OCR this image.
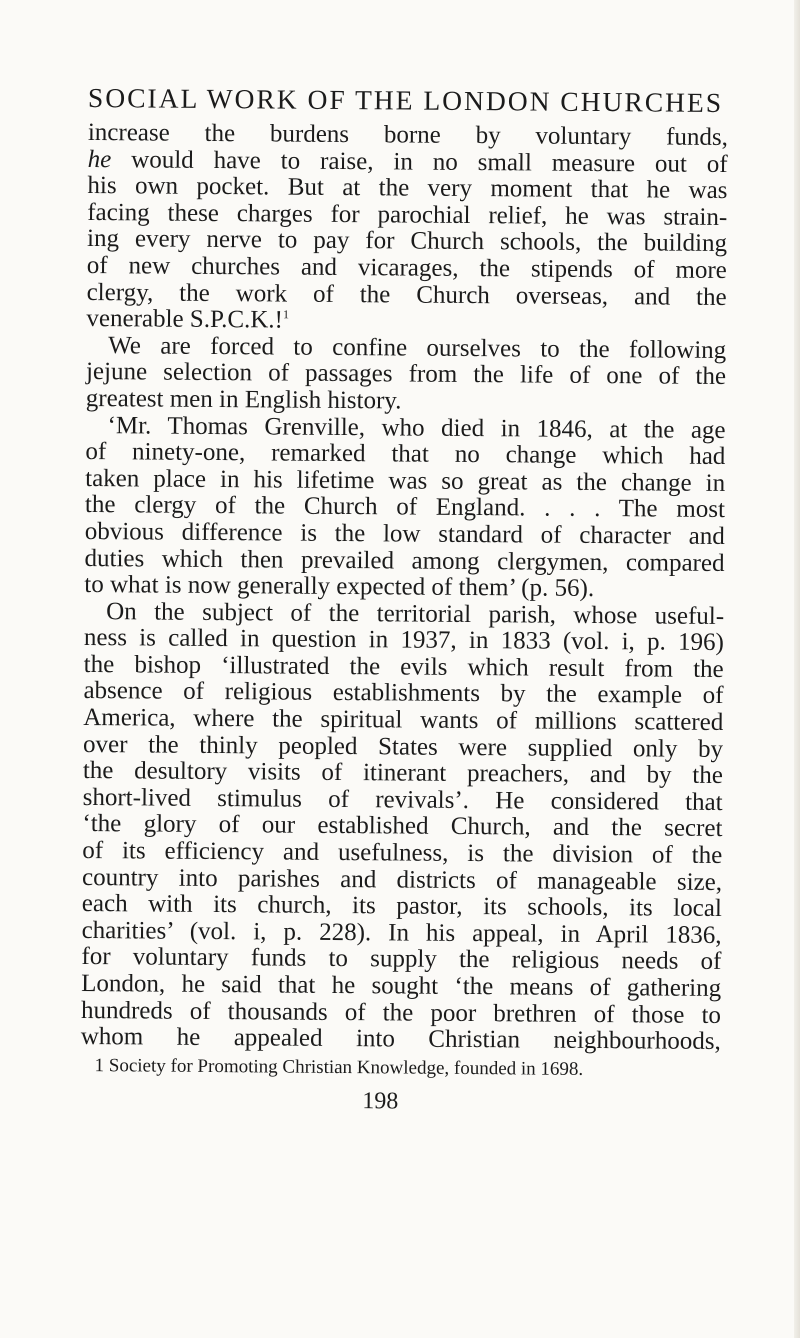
SOCIAL WORK OF THE LONDON CHURCHES
increase the burdens borne by voluntary funds,
he would have to raise, in no small measure out of
his own pocket. But at the very moment that he was
facing these charges for parochial relief, he was strain-
ing every nerve to pay for Church schools, the building
of new churches and vicarages, the stipends of more
clergy, the work of the Church overseas, and the
venerable S.P.C.K.!$^1$
We are forced to confine ourselves to the following
jejune selection of passages from the life of one of the
greatest men in English history.
‘Mr. Thomas Grenville, who died in 1846, at the age
of ninety-one, remarked that no change which had
taken place in his lifetime was so great as the change in
the clergy of the Church of England. . . . The most
obvious difference is the low standard of character and
duties which then prevailed among clergymen, compared
to what is now generally expected of them’ (p. 56).
On the subject of the territorial parish, whose useful-
ness is called in question in 1937, in 1833 (vol. i, p. 196)
the bishop ‘illustrated the evils which result from the
absence of religious establishments by the example of
America, where the spiritual wants of millions scattered
over the thinly peopled States were supplied only by
the desultory visits of itinerant preachers, and by the
short-lived stimulus of revivals’. He considered that
‘the glory of our established Church, and the secret
of its efficiency and usefulness, is the division of the
country into parishes and districts of manageable size,
each with its church, its pastor, its schools, its local
charities’ (vol. i, p. 228). In his appeal, in April 1836,
for voluntary funds to supply the religious needs of
London, he said that he sought ‘the means of gathering
hundreds of thousands of the poor brethren of those to
whom he appealed into Christian neighbourhoods,
1 Society for Promoting Christian Knowledge, founded in 1698.
198
